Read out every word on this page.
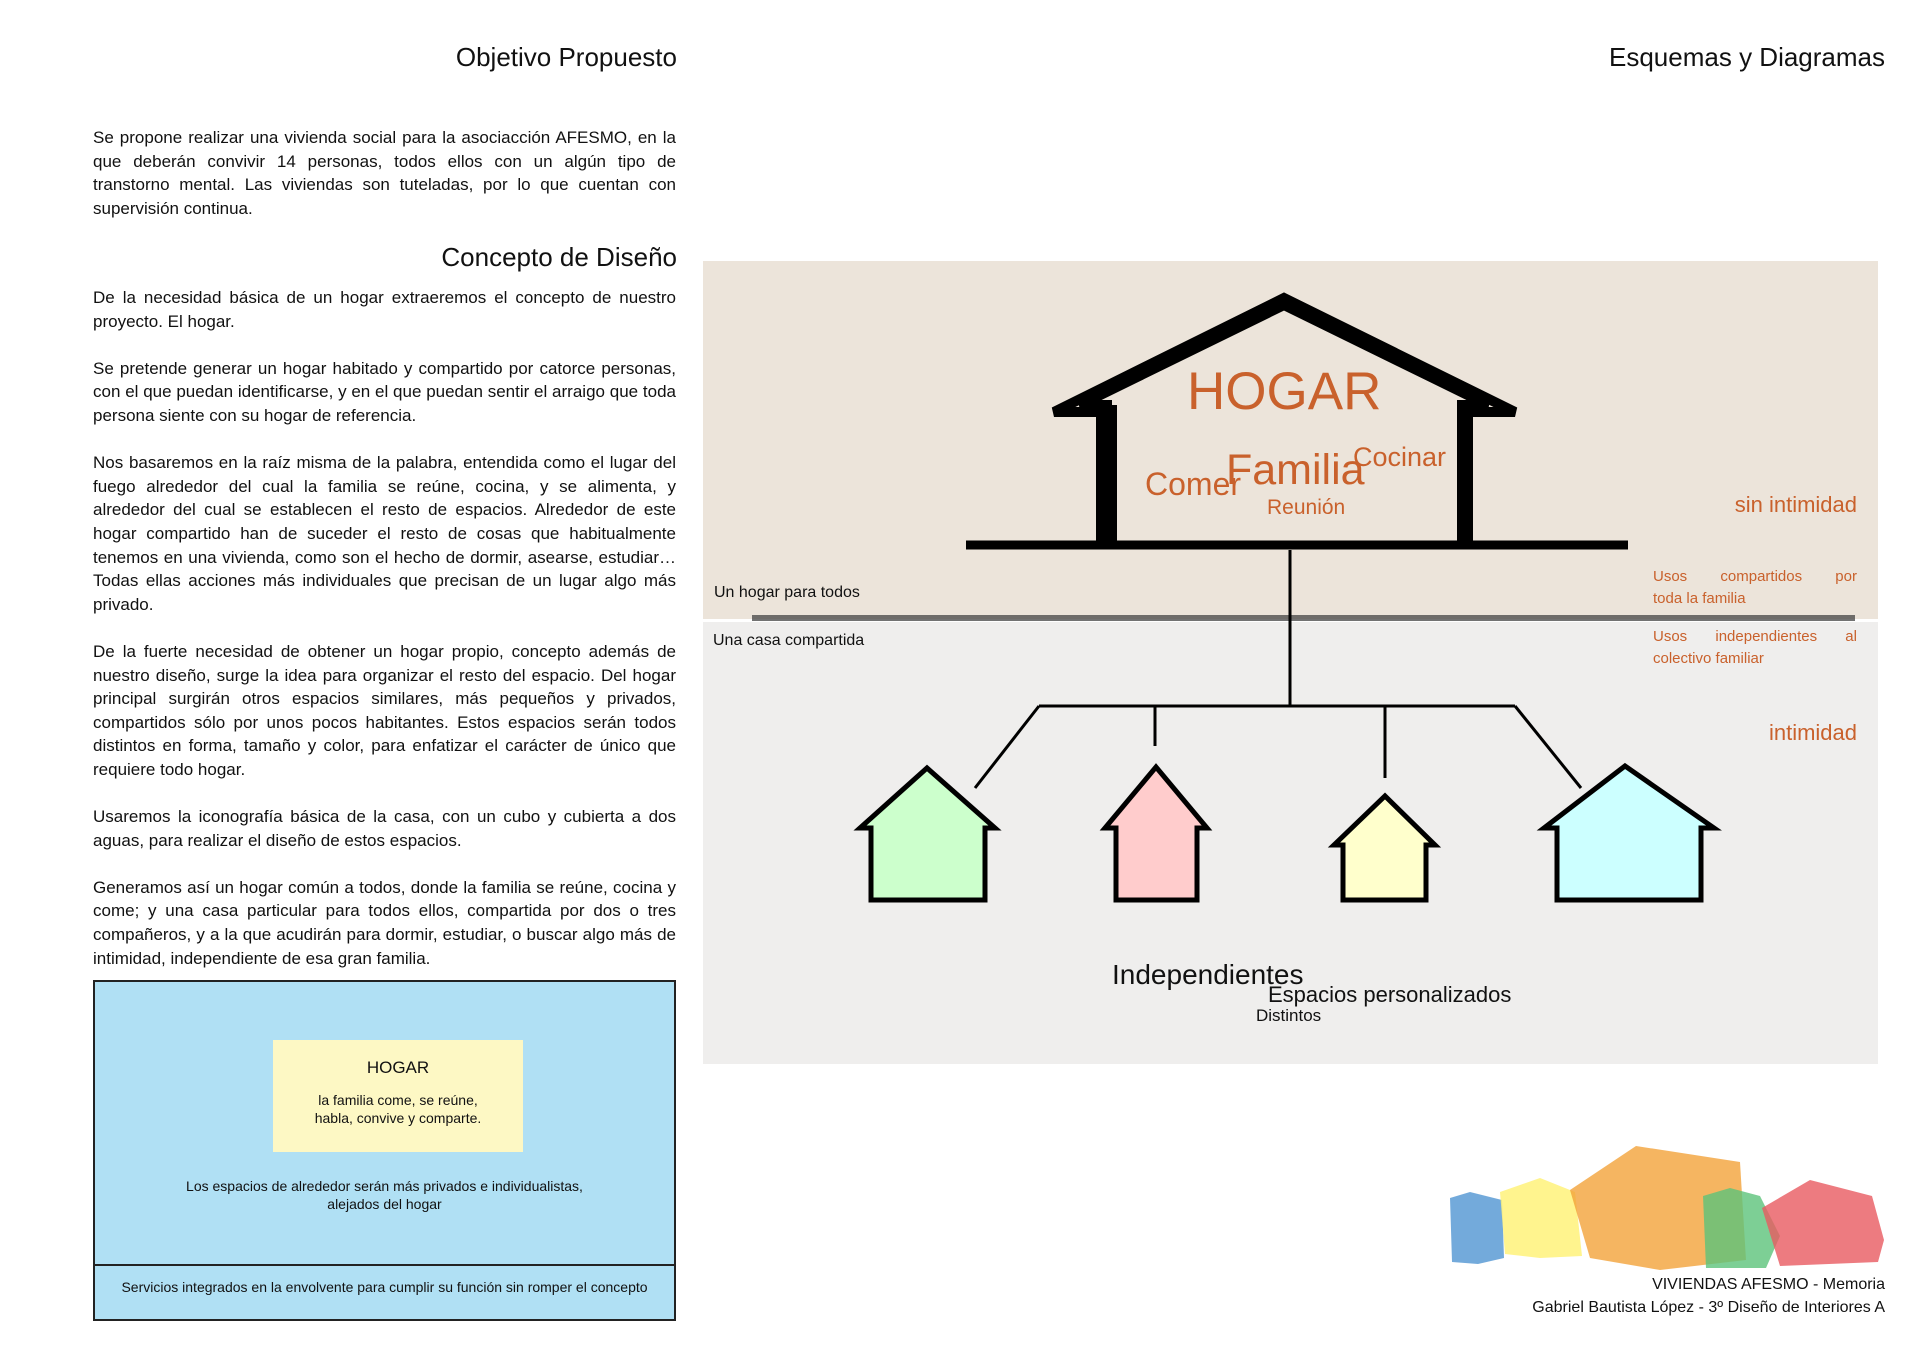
Objetivo Propuesto
Se propone realizar una vivienda social para la asociacción AFESMO, en la que deberán convivir 14 personas, todos ellos con un algún tipo de transtorno mental. Las viviendas son tuteladas, por lo que cuentan con supervisión continua.
Concepto de Diseño

De la necesidad básica de un hogar extraeremos el concepto de nuestro proyecto. El hogar.

Se pretende generar un hogar habitado y compartido por catorce personas, con el que puedan identificarse, y en el que puedan sentir el arraigo que toda persona siente con su hogar de referencia.

Nos basaremos en la raíz misma de la palabra, entendida como el lugar del fuego alrededor del cual la familia se reúne, cocina, y se alimenta, y alrededor del cual se establecen el resto de espacios. Alrededor de este hogar compartido han de suceder el resto de cosas que habitualmente tenemos en una vivienda, como son el hecho de dormir, asearse, estudiar… Todas ellas acciones más individuales que precisan de un lugar algo más privado.

De la fuerte necesidad de obtener un hogar propio, concepto además de nuestro diseño, surge la idea para organizar el resto del espacio. Del hogar principal surgirán otros espacios similares, más pequeños y privados, compartidos sólo por unos pocos habitantes. Estos espacios serán todos distintos en forma, tamaño y color, para enfatizar el carácter de único que requiere todo hogar.

Usaremos la iconografía básica de la casa, con un cubo y cubierta a dos aguas, para realizar el diseño de estos espacios.

Generamos así un hogar común a todos, donde la familia se reúne, cocina y come; y una casa particular para todos ellos, compartida por dos o tres compañeros, y a la que acudirán para dormir, estudiar, o buscar algo más de intimidad, independiente de esa gran familia.

HOGAR
la familia come, se reúne,
habla, convive y comparte.
Los espacios de alrededor serán más privados e individualistas,
alejados del hogar
Servicios integrados en la envolvente para cumplir su función sin romper el concepto
Esquemas y Diagramas
HOGAR
Comer
Familia
Cocinar
Reunión	sin intimidad
Usos compartidos por
toda la familia
Un hogar para todos
Una casa compartida	Usos independientes al
colectivo familiar
intimidad
Independientes
Espacios personalizados
Distintos
VIVIENDAS AFESMO - Memoria
Gabriel Bautista López - 3º Diseño de Interiores A
